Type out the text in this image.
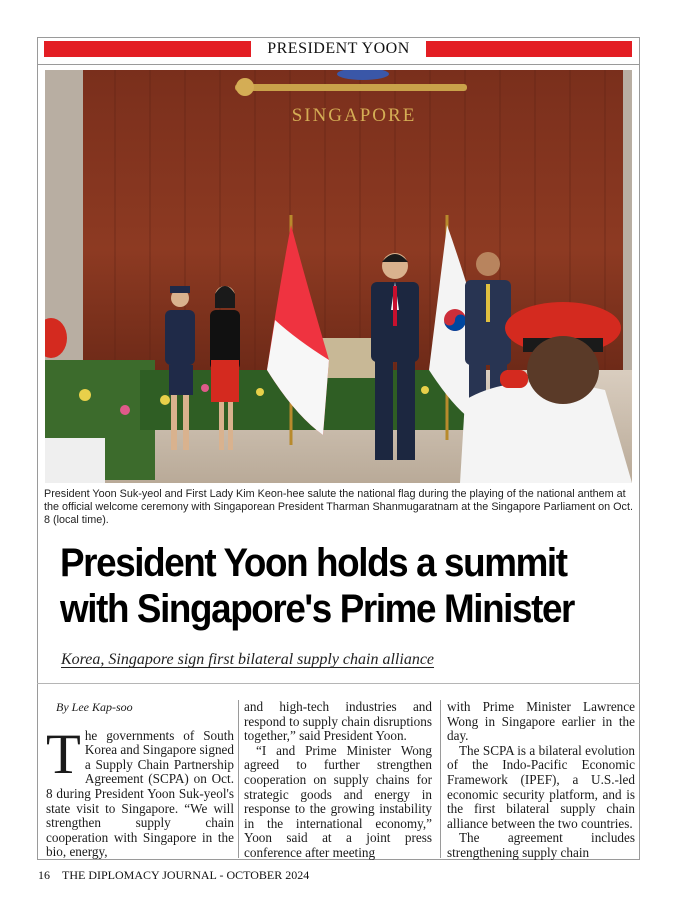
PRESIDENT YOON
SINGAPORE
President Yoon Suk-yeol and First Lady Kim Keon-hee salute the national flag during the playing of the national anthem at the official welcome ceremony with Singaporean President Tharman Shanmugaratnam at the Singapore Parliament on Oct. 8 (local time).
President Yoon holds a summit
with Singapore's Prime Minister
Korea, Singapore sign first bilateral supply chain alliance

By Lee Kap-soo

The governments of South Korea and Singapore signed a Supply Chain Partnership Agreement (SCPA) on Oct. 8 during President Yoon Suk-yeol's state visit to Singapore. “We will strengthen supply chain cooperation with Singapore in the bio, energy,

and high-tech industries and respond to supply chain disruptions together,” said President Yoon.

“I and Prime Minister Wong agreed to further strengthen cooperation on supply chains for strategic goods and energy in response to the growing instability in the international economy,” Yoon said at a joint press conference after meeting

with Prime Minister Lawrence Wong in Singapore earlier in the day.

The SCPA is a bilateral evolution of the Indo-Pacific Economic Framework (IPEF), a U.S.-led economic security platform, and is the first bilateral supply chain alliance between the two countries.

The agreement includes strengthening supply chain

16 THE DIPLOMACY JOURNAL - OCTOBER 2024
